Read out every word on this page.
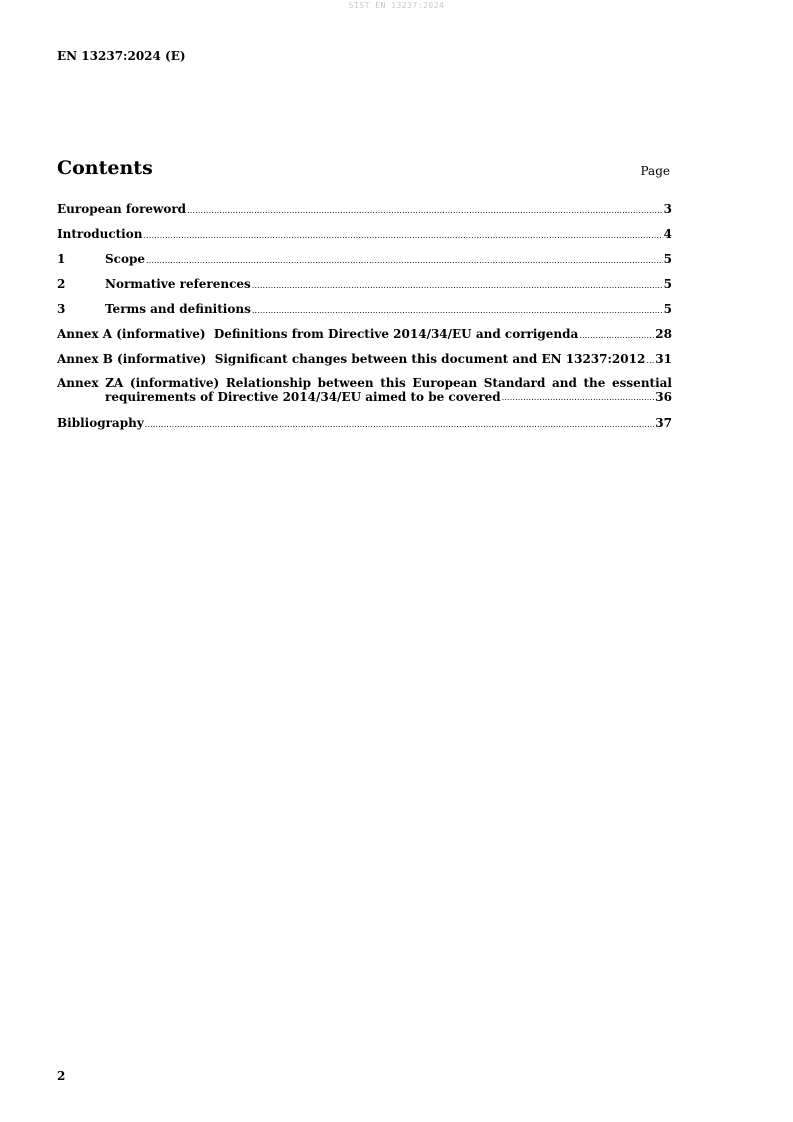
SIST EN 13237:2024
EN 13237:2024 (E)
Contents	Page
European foreword . . .	3
Introduction . . .	4
1	Scope . . .	5
2	Normative references . . .	5
3	Terms and definitions . . .	5
Annex A (informative)  Definitions from Directive 2014/34/EU and corrigenda . . .	28
Annex B (informative)  Significant changes between this document and EN 13237:2012 . . . 31
Annex ZA (informative) Relationship between this European Standard and the essential
requirements of Directive 2014/34/EU aimed to be covered . . .	36
Bibliography . . .	37
2
